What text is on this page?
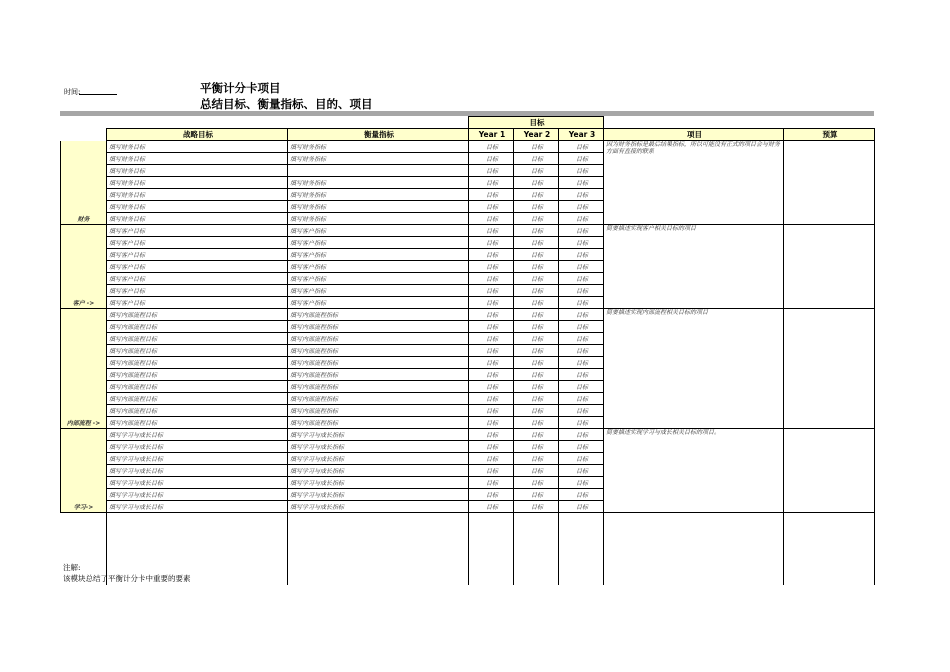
时间:	平衡计分卡项目
总结目标、衡量指标、目的、项目
			目标				
	战略目标	衡量指标	Year 1	Year 2	Year 3	项目	预算
财务	填写财务目标	填写财务指标	目标	目标	目标	因为财务指标是最后结果指标，所以可能没有正式的项目会与财务方面有直接的联系	
	填写财务目标	填写财务指标	目标	目标	目标		
	填写财务目标		目标	目标	目标		
	填写财务目标	填写财务指标	目标	目标	目标		
	填写财务目标	填写财务指标	目标	目标	目标		
	填写财务目标	填写财务指标	目标	目标	目标		
	填写财务目标	填写财务指标	目标	目标	目标		
客户 ->	填写客户目标	填写客户指标	目标	目标	目标	简要描述实现客户相关目标的项目	
	填写客户目标	填写客户指标	目标	目标	目标		
	填写客户目标	填写客户指标	目标	目标	目标		
	填写客户目标	填写客户指标	目标	目标	目标		
	填写客户目标	填写客户指标	目标	目标	目标		
	填写客户目标	填写客户指标	目标	目标	目标		
	填写客户目标	填写客户指标	目标	目标	目标		
内部流程 ->	填写内部流程目标	填写内部流程指标	目标	目标	目标	简要描述实现内部流程相关目标的项目	
	填写内部流程目标	填写内部流程指标	目标	目标	目标		
	填写内部流程目标	填写内部流程指标	目标	目标	目标		
	填写内部流程目标	填写内部流程指标	目标	目标	目标		
	填写内部流程目标	填写内部流程指标	目标	目标	目标		
	填写内部流程目标	填写内部流程指标	目标	目标	目标		
	填写内部流程目标	填写内部流程指标	目标	目标	目标		
	填写内部流程目标	填写内部流程指标	目标	目标	目标		
	填写内部流程目标	填写内部流程指标	目标	目标	目标		
	填写内部流程目标	填写内部流程指标	目标	目标	目标		
学习->	填写学习与成长目标	填写学习与成长指标	目标	目标	目标	简要描述实现学习与成长相关目标的项目。	
	填写学习与成长目标	填写学习与成长指标	目标	目标	目标		
	填写学习与成长目标	填写学习与成长指标	目标	目标	目标		
	填写学习与成长目标	填写学习与成长指标	目标	目标	目标		
	填写学习与成长目标	填写学习与成长指标	目标	目标	目标		
	填写学习与成长目标	填写学习与成长指标	目标	目标	目标		
	填写学习与成长目标	填写学习与成长指标	目标	目标	目标		

注解:
该模块总结了平衡计分卡中重要的要素
